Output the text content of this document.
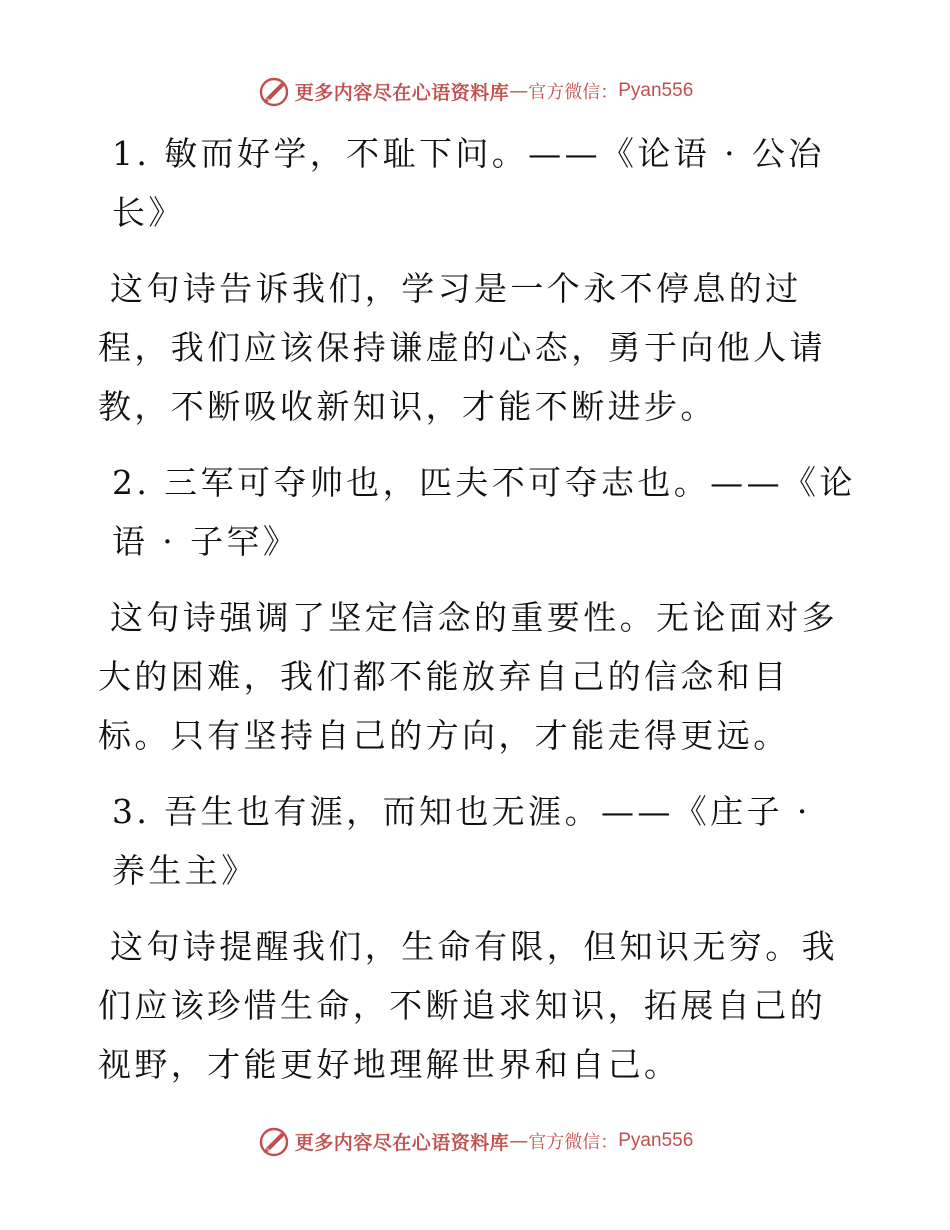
更多内容尽在心语资料库 — 官方微信： Pyan556

1. 敏而好学，不耻下问。——《论语 · 公冶长》

这句诗告诉我们，学习是一个永不停息的过程，我们应该保持谦虚的心态，勇于向他人请教，不断吸收新知识，才能不断进步。

2. 三军可夺帅也，匹夫不可夺志也。——《论语 · 子罕》

这句诗强调了坚定信念的重要性。无论面对多大的困难，我们都不能放弃自己的信念和目标。只有坚持自己的方向，才能走得更远。

3. 吾生也有涯，而知也无涯。——《庄子 · 养生主》

这句诗提醒我们，生命有限，但知识无穷。我们应该珍惜生命，不断追求知识，拓展自己的视野，才能更好地理解世界和自己。

更多内容尽在心语资料库 — 官方微信： Pyan556
